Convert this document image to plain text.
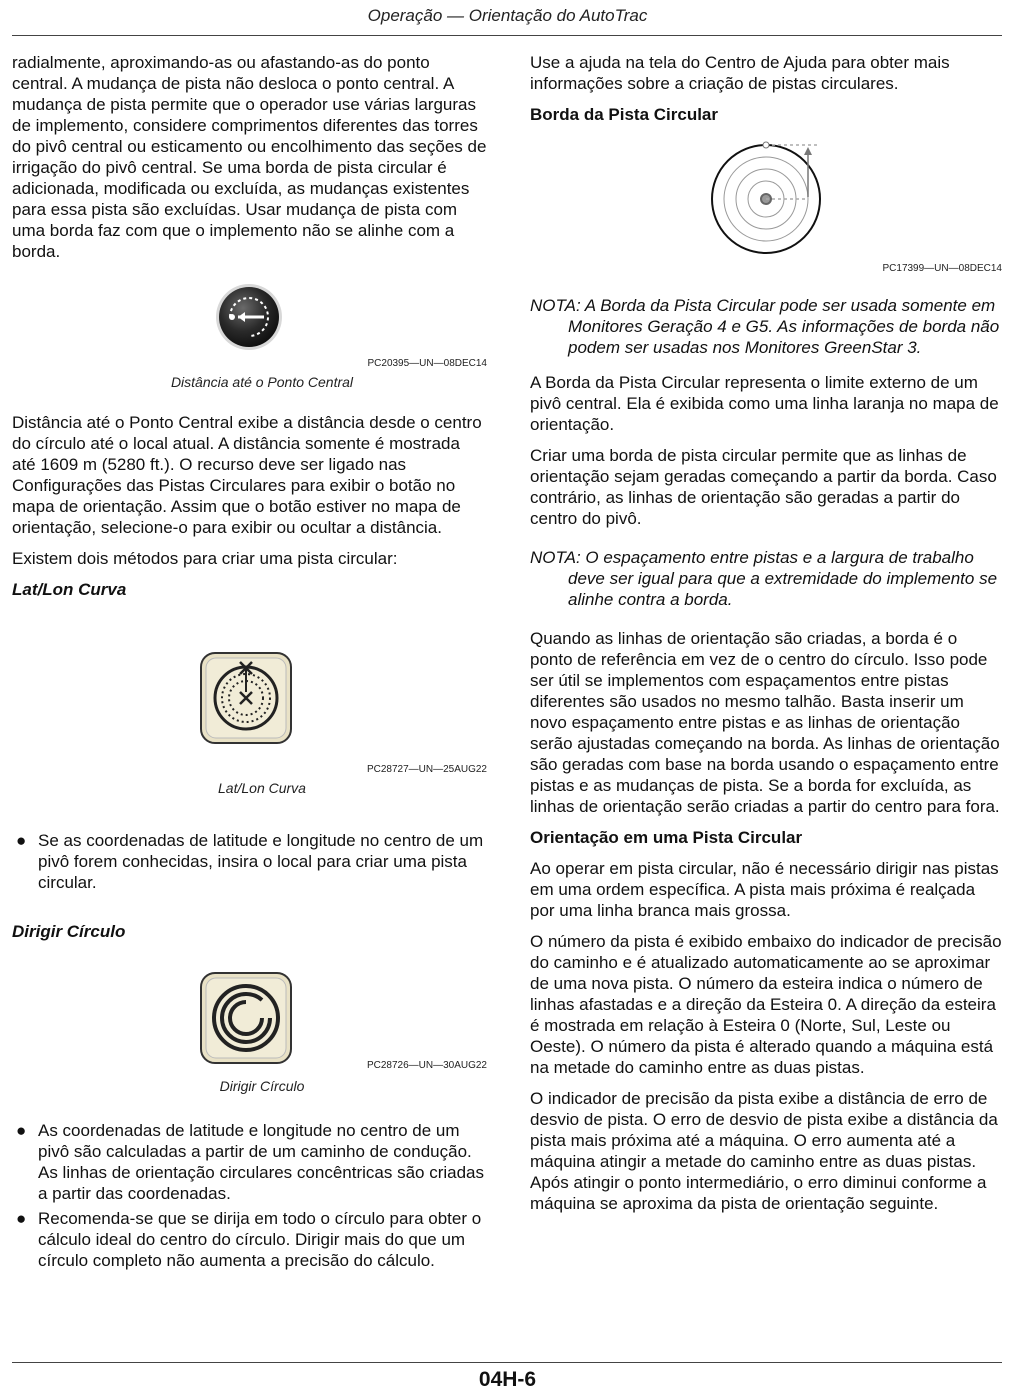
Operação — Orientação do AutoTrac

radialmente, aproximando-as ou afastando-as do ponto central. A mudança de pista não desloca o ponto central. A mudança de pista permite que o operador use várias larguras de implemento, considere comprimentos diferentes das torres do pivô central ou esticamento ou encolhimento das seções de irrigação do pivô central. Se uma borda de pista circular é adicionada, modificada ou excluída, as mudanças existentes para essa pista são excluídas. Usar mudança de pista com uma borda faz com que o implemento não se alinhe com a borda.

PC20395—UN—08DEC14
Distância até o Ponto Central

Distância até o Ponto Central exibe a distância desde o centro do círculo até o local atual. A distância somente é mostrada até 1609 m (5280 ft.). O recurso deve ser ligado nas Configurações das Pistas Circulares para exibir o botão no mapa de orientação. Assim que o botão estiver no mapa de orientação, selecione-o para exibir ou ocultar a distância.

Existem dois métodos para criar uma pista circular:

Lat/Lon Curva
PC28727—UN—25AUG22
Lat/Lon Curva
● Se as coordenadas de latitude e longitude no centro de um pivô forem conhecidas, insira o local para criar uma pista circular.
Dirigir Círculo
PC28726—UN—30AUG22
Dirigir Círculo
● As coordenadas de latitude e longitude no centro de um pivô são calculadas a partir de um caminho de condução. As linhas de orientação circulares concêntricas são criadas a partir das coordenadas.
● Recomenda-se que se dirija em todo o círculo para obter o cálculo ideal do centro do círculo. Dirigir mais do que um círculo completo não aumenta a precisão do cálculo.

Use a ajuda na tela do Centro de Ajuda para obter mais informações sobre a criação de pistas circulares.

Borda da Pista Circular
PC17399—UN—08DEC14

NOTA: A Borda da Pista Circular pode ser usada somente em Monitores Geração 4 e G5. As informações de borda não podem ser usadas nos Monitores GreenStar 3.

A Borda da Pista Circular representa o limite externo de um pivô central. Ela é exibida como uma linha laranja no mapa de orientação.

Criar uma borda de pista circular permite que as linhas de orientação sejam geradas começando a partir da borda. Caso contrário, as linhas de orientação são geradas a partir do centro do pivô.

NOTA: O espaçamento entre pistas e a largura de trabalho deve ser igual para que a extremidade do implemento se alinhe contra a borda.

Quando as linhas de orientação são criadas, a borda é o ponto de referência em vez de o centro do círculo. Isso pode ser útil se implementos com espaçamentos entre pistas diferentes são usados no mesmo talhão. Basta inserir um novo espaçamento entre pistas e as linhas de orientação serão ajustadas começando na borda. As linhas de orientação são geradas com base na borda usando o espaçamento entre pistas e as mudanças de pista. Se a borda for excluída, as linhas de orientação serão criadas a partir do centro para fora.

Orientação em uma Pista Circular

Ao operar em pista circular, não é necessário dirigir nas pistas em uma ordem específica. A pista mais próxima é realçada por uma linha branca mais grossa.

O número da pista é exibido embaixo do indicador de precisão do caminho e é atualizado automaticamente ao se aproximar de uma nova pista. O número da esteira indica o número de linhas afastadas e a direção da Esteira 0. A direção da esteira é mostrada em relação à Esteira 0 (Norte, Sul, Leste ou Oeste). O número da pista é alterado quando a máquina está na metade do caminho entre as duas pistas.

O indicador de precisão da pista exibe a distância de erro de desvio de pista. O erro de desvio de pista exibe a distância da pista mais próxima até a máquina. O erro aumenta até a máquina atingir a metade do caminho entre as duas pistas. Após atingir o ponto intermediário, o erro diminui conforme a máquina se aproxima da pista de orientação seguinte.

04H-6
